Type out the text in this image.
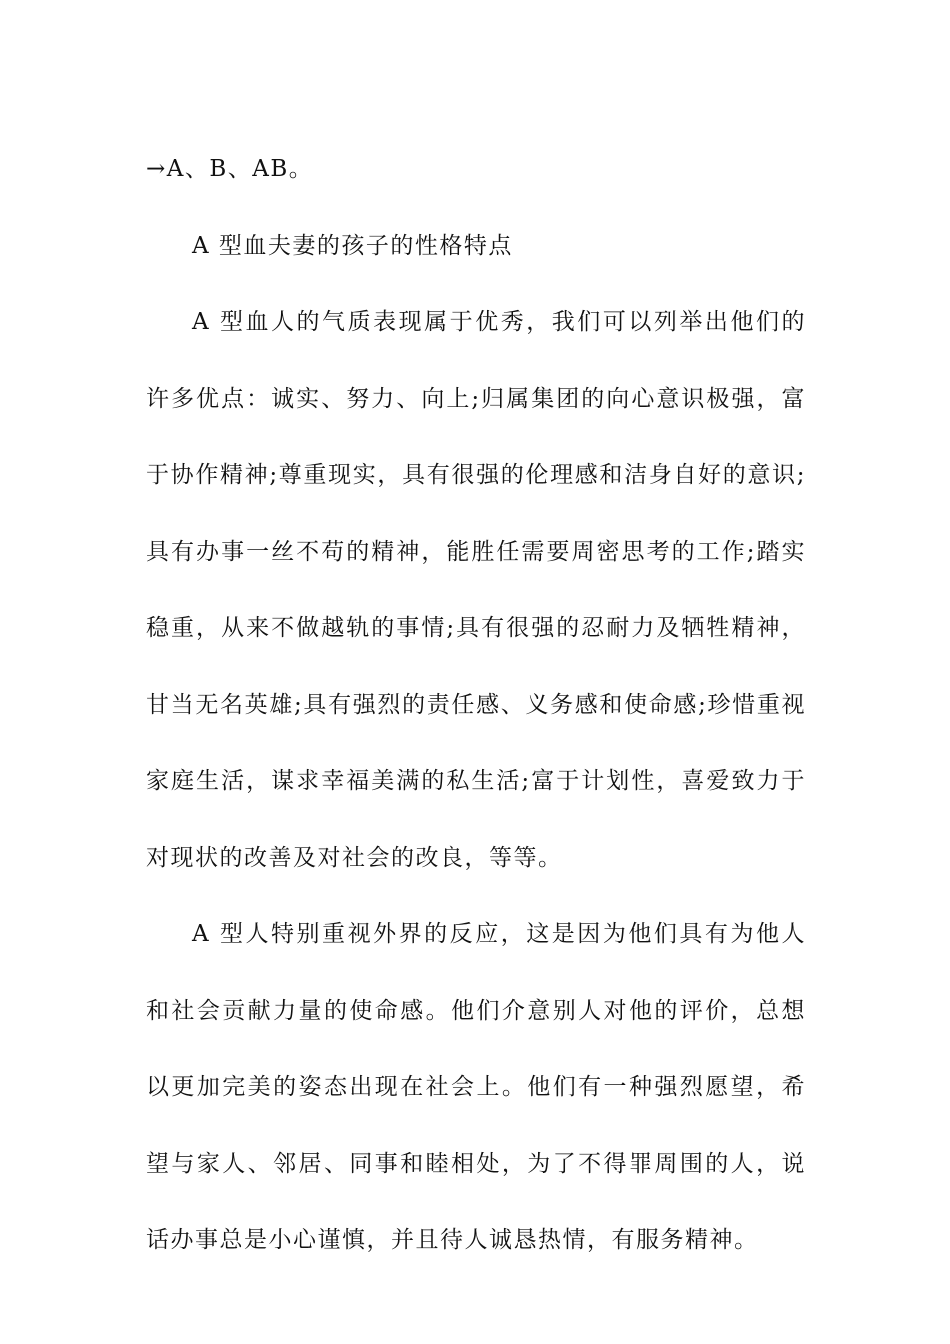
→A、B、AB。

A 型血夫妻的孩子的性格特点

A 型血人的气质表现属于优秀，我们可以列举出他们的许多优点：诚实、努力、向上;归属集团的向心意识极强，富于协作精神;尊重现实，具有很强的伦理感和洁身自好的意识;具有办事一丝不苟的精神，能胜任需要周密思考的工作;踏实稳重，从来不做越轨的事情;具有很强的忍耐力及牺牲精神，甘当无名英雄;具有强烈的责任感、义务感和使命感;珍惜重视家庭生活，谋求幸福美满的私生活;富于计划性，喜爱致力于对现状的改善及对社会的改良，等等。

A 型人特别重视外界的反应，这是因为他们具有为他人和社会贡献力量的使命感。他们介意别人对他的评价，总想以更加完美的姿态出现在社会上。他们有一种强烈愿望，希望与家人、邻居、同事和睦相处，为了不得罪周围的人，说话办事总是小心谨慎，并且待人诚恳热情，有服务精神。
